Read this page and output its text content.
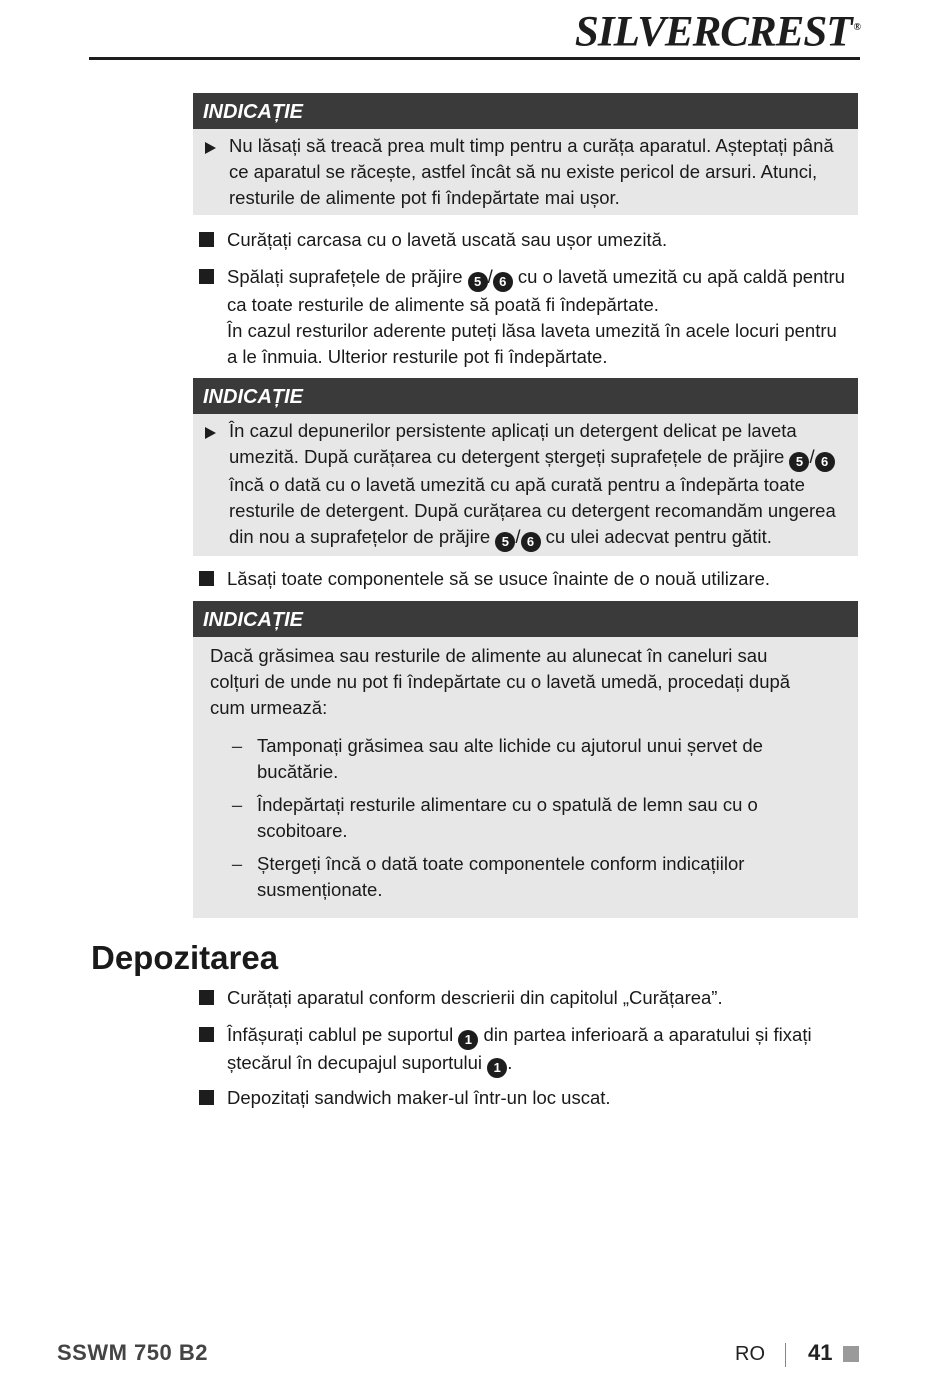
SILVERCREST ®
INDICAȚIE
Nu lăsați să treacă prea mult timp pentru a curăța aparatul. Așteptați până ce aparatul se răcește, astfel încât să nu existe pericol de arsuri. Atunci, resturile de alimente pot fi îndepărtate mai ușor.
Curățați carcasa cu o lavetă uscată sau ușor umezită.
Spălați suprafețele de prăjire 5 / 6 cu o lavetă umezită cu apă caldă pentru ca toate resturile de alimente să poată fi îndepărtate.
În cazul resturilor aderente puteți lăsa laveta umezită în acele locuri pentru a le înmuia. Ulterior resturile pot fi îndepărtate.
INDICAȚIE
În cazul depunerilor persistente aplicați un detergent delicat pe laveta umezită. După curățarea cu detergent ștergeți suprafețele de prăjire 5 / 6 încă o dată cu o lavetă umezită cu apă curată pentru a îndepărta toate resturile de detergent. După curățarea cu detergent recomandăm ungerea din nou a suprafețelor de prăjire 5 / 6 cu ulei adecvat pentru gătit.
Lăsați toate componentele să se usuce înainte de o nouă utilizare.
INDICAȚIE
Dacă grăsimea sau resturile de alimente au alunecat în caneluri sau colțuri de unde nu pot fi îndepărtate cu o lavetă umedă, procedați după cum urmează:
– Tamponați grăsimea sau alte lichide cu ajutorul unui șervet de bucătărie.
– Îndepărtați resturile alimentare cu o spatulă de lemn sau cu o scobitoare.
– Ștergeți încă o dată toate componentele conform indicațiilor susmenționate.
Depozitarea
Curățați aparatul conform descrierii din capitolul „Curățarea”.
Înfășurați cablul pe suportul 1 din partea inferioară a aparatului și fixați ștecărul în decupajul suportului 1 .
Depozitați sandwich maker-ul într-un loc uscat.
SSWM 750 B2	RO 41
